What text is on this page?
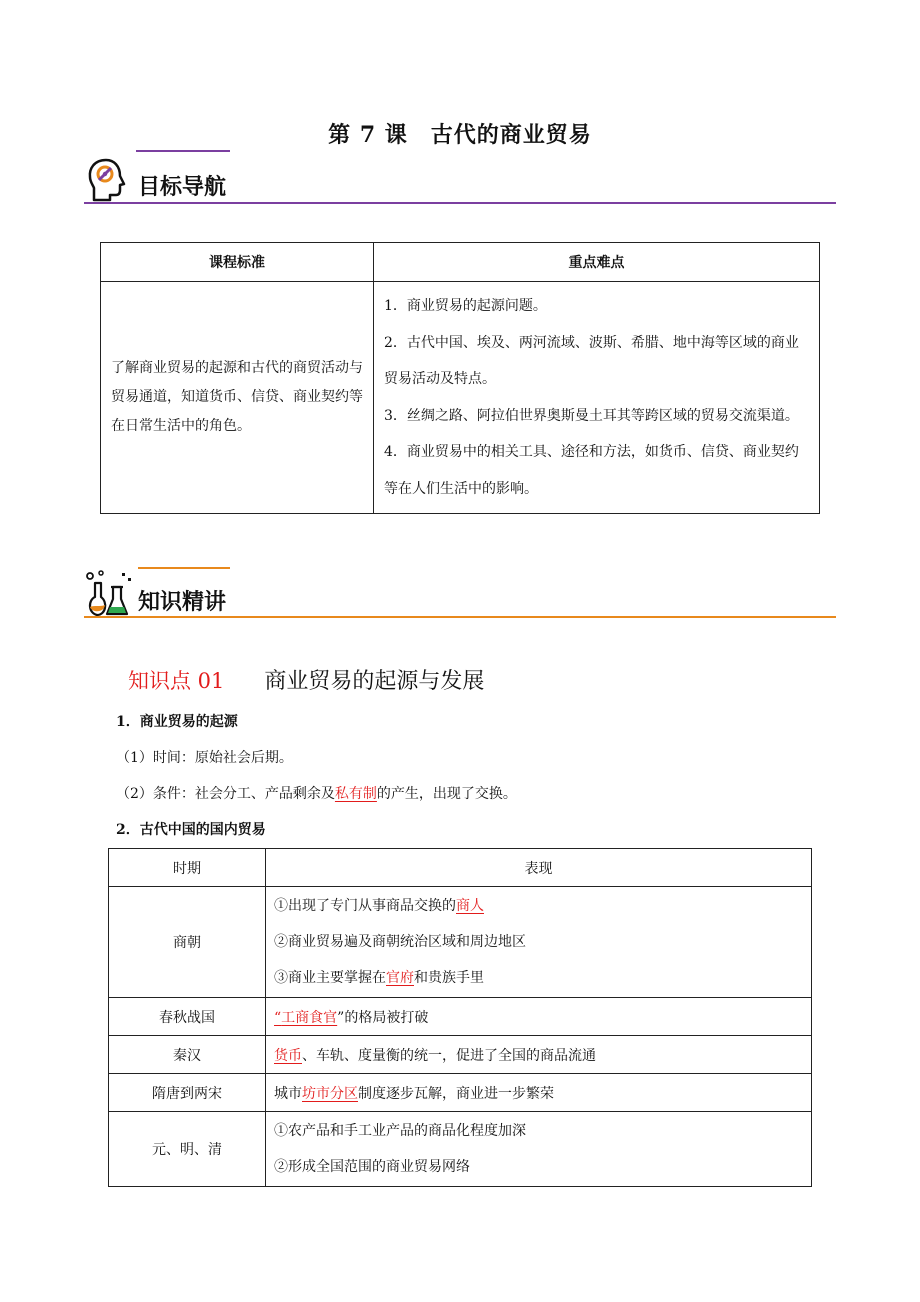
第 7 课　古代的商业贸易
目标导航
课程标准	重点难点
了解商业贸易的起源和古代的商贸活动与贸易通道，知道货币、信贷、商业契约等在日常生活中的角色。	1．商业贸易的起源问题。
2．古代中国、埃及、两河流域、波斯、希腊、地中海等区域的商业贸易活动及特点。
3．丝绸之路、阿拉伯世界奥斯曼土耳其等跨区域的贸易交流渠道。
4．商业贸易中的相关工具、途径和方法，如货币、信贷、商业契约等在人们生活中的影响。
知识精讲
知识点 01 商业贸易的起源与发展
1．商业贸易的起源
（1）时间：原始社会后期。
（2）条件：社会分工、产品剩余及私有制的产生，出现了交换。
2．古代中国的国内贸易
时期	表现
商朝	①出现了专门从事商品交换的商人
②商业贸易遍及商朝统治区域和周边地区
③商业主要掌握在官府和贵族手里

春秋战国	“工商食官”的格局被打破
秦汉	货币、车轨、度量衡的统一，促进了全国的商品流通
隋唐到两宋	城市坊市分区制度逐步瓦解，商业进一步繁荣
元、明、清	①农产品和手工业产品的商品化程度加深
②形成全国范围的商业贸易网络
